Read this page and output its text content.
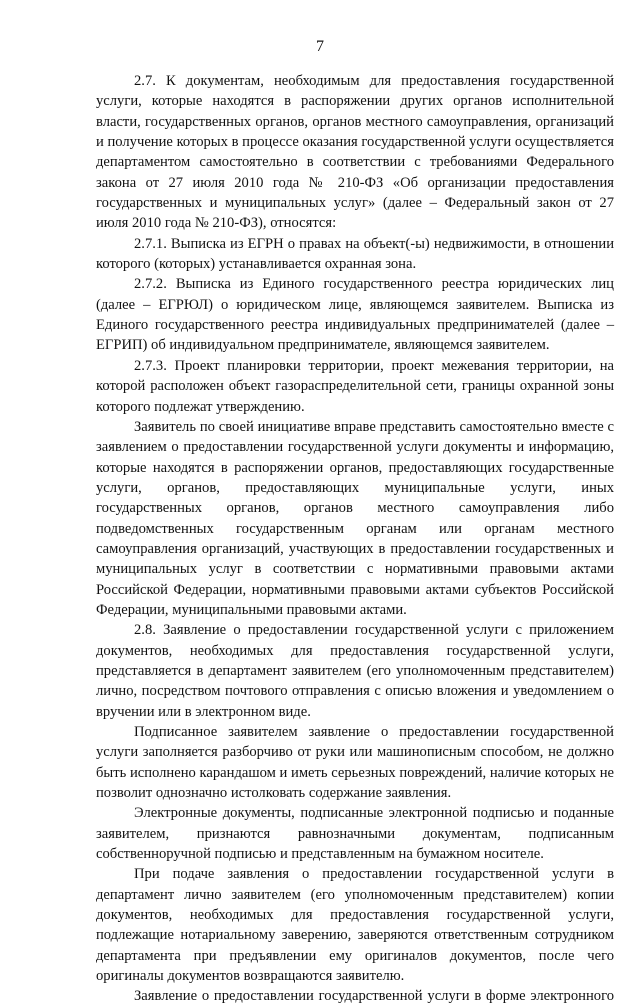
7

2.7. К документам, необходимым для предоставления государственной услуги, которые находятся в распоряжении других органов исполнительной власти, государственных органов, органов местного самоуправления, организаций и получение которых в процессе оказания государственной услуги осуществляется департаментом самостоятельно в соответствии с требованиями Федерального закона от 27 июля 2010 года № 210-ФЗ «Об организации предоставления государственных и муниципальных услуг» (далее – Федеральный закон от 27 июля 2010 года № 210-ФЗ), относятся:

2.7.1. Выписка из ЕГРН о правах на объект(-ы) недвижимости, в отношении которого (которых) устанавливается охранная зона.

2.7.2. Выписка из Единого государственного реестра юридических лиц (далее – ЕГРЮЛ) о юридическом лице, являющемся заявителем. Выписка из Единого государственного реестра индивидуальных предпринимателей (далее – ЕГРИП) об индивидуальном предпринимателе, являющемся заявителем.

2.7.3. Проект планировки территории, проект межевания территории, на которой расположен объект газораспределительной сети, границы охранной зоны которого подлежат утверждению.

Заявитель по своей инициативе вправе представить самостоятельно вместе с заявлением о предоставлении государственной услуги документы и информацию, которые находятся в распоряжении органов, предоставляющих государственные услуги, органов, предоставляющих муниципальные услуги, иных государственных органов, органов местного самоуправления либо подведомственных государственным органам или органам местного самоуправления организаций, участвующих в предоставлении государственных и муниципальных услуг в соответствии с нормативными правовыми актами Российской Федерации, нормативными правовыми актами субъектов Российской Федерации, муниципальными правовыми актами.

2.8. Заявление о предоставлении государственной услуги с приложением документов, необходимых для предоставления государственной услуги, представляется в департамент заявителем (его уполномоченным представителем) лично, посредством почтового отправления с описью вложения и уведомлением о вручении или в электронном виде.

Подписанное заявителем заявление о предоставлении государственной услуги заполняется разборчиво от руки или машинописным способом, не должно быть исполнено карандашом и иметь серьезных повреждений, наличие которых не позволит однозначно истолковать содержание заявления.

Электронные документы, подписанные электронной подписью и поданные заявителем, признаются равнозначными документам, подписанным собственноручной подписью и представленным на бумажном носителе.

При подаче заявления о предоставлении государственной услуги в департамент лично заявителем (его уполномоченным представителем) копии документов, необходимых для предоставления государственной услуги, подлежащие нотариальному заверению, заверяются ответственным сотрудником департамента при предъявлении ему оригиналов документов, после чего оригиналы документов возвращаются заявителю.

Заявление о предоставлении государственной услуги в форме электронного
